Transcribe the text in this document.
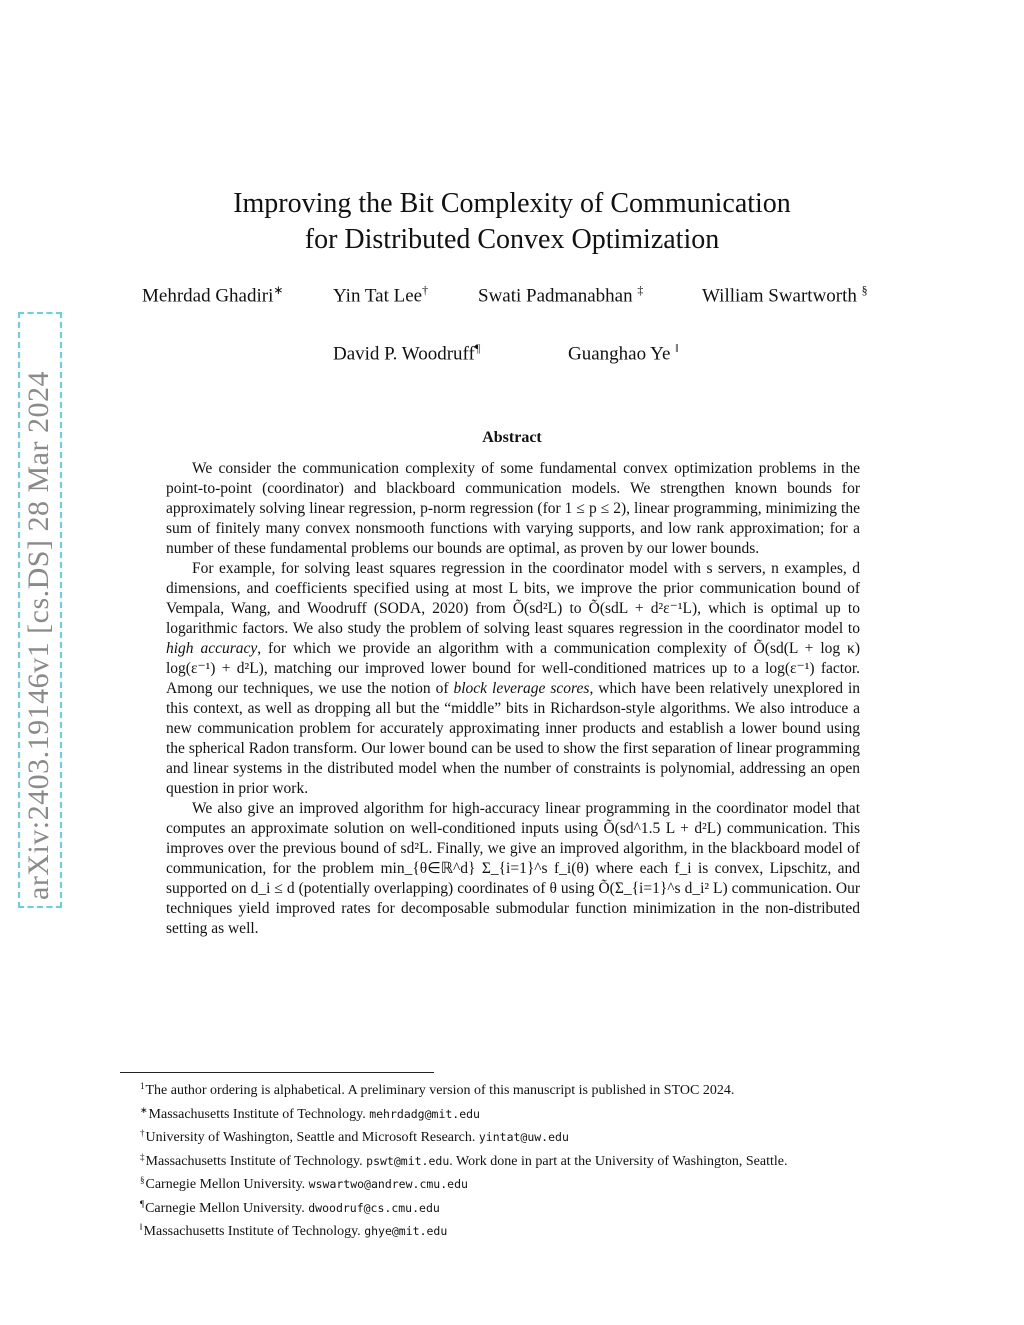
arXiv:2403.19146v1 [cs.DS] 28 Mar 2024
Improving the Bit Complexity of Communication
for Distributed Convex Optimization
Mehrdad Ghadiri∗	Yin Tat Lee†	Swati Padmanabhan ‡	William Swartworth §
David P. Woodruff¶	Guanghao Ye ‖
Abstract

We consider the communication complexity of some fundamental convex optimization problems in the point-to-point (coordinator) and blackboard communication models. We strengthen known bounds for approximately solving linear regression, p-norm regression (for 1 ≤ p ≤ 2), linear programming, minimizing the sum of finitely many convex nonsmooth functions with varying supports, and low rank approximation; for a number of these fundamental problems our bounds are optimal, as proven by our lower bounds.

For example, for solving least squares regression in the coordinator model with s servers, n examples, d dimensions, and coefficients specified using at most L bits, we improve the prior communication bound of Vempala, Wang, and Woodruff (SODA, 2020) from Õ(sd²L) to Õ(sdL + d²ε⁻¹L), which is optimal up to logarithmic factors. We also study the problem of solving least squares regression in the coordinator model to high accuracy, for which we provide an algorithm with a communication complexity of Õ(sd(L + log κ) log(ε⁻¹) + d²L), matching our improved lower bound for well-conditioned matrices up to a log(ε⁻¹) factor. Among our techniques, we use the notion of block leverage scores, which have been relatively unexplored in this context, as well as dropping all but the “middle” bits in Richardson-style algorithms. We also introduce a new communication problem for accurately approximating inner products and establish a lower bound using the spherical Radon transform. Our lower bound can be used to show the first separation of linear programming and linear systems in the distributed model when the number of constraints is polynomial, addressing an open question in prior work.

We also give an improved algorithm for high-accuracy linear programming in the coordinator model that computes an approximate solution on well-conditioned inputs using Õ(sd^1.5 L + d²L) communication. This improves over the previous bound of sd²L. Finally, we give an improved algorithm, in the blackboard model of communication, for the problem min_{θ∈ℝ^d} Σ_{i=1}^s f_i(θ) where each f_i is convex, Lipschitz, and supported on d_i ≤ d (potentially overlapping) coordinates of θ using Õ(Σ_{i=1}^s d_i² L) communication. Our techniques yield improved rates for decomposable submodular function minimization in the non-distributed setting as well.

$^1$The author ordering is alphabetical. A preliminary version of this manuscript is published in STOC 2024.
∗Massachusetts Institute of Technology. mehrdadg@mit.edu
†University of Washington, Seattle and Microsoft Research. yintat@uw.edu
‡Massachusetts Institute of Technology. pswt@mit.edu. Work done in part at the University of Washington, Seattle.
§Carnegie Mellon University. wswartwo@andrew.cmu.edu
¶Carnegie Mellon University. dwoodruf@cs.cmu.edu
‖Massachusetts Institute of Technology. ghye@mit.edu
